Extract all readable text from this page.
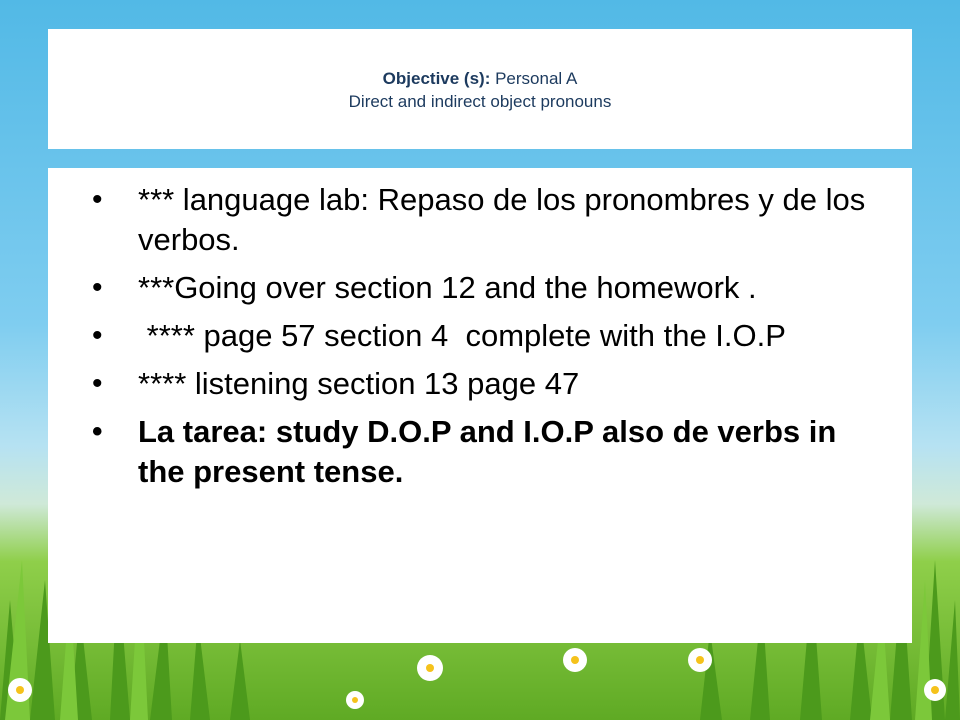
Objective (s): Personal A
Direct and indirect object pronouns
• *** language lab: Repaso de los pronombres y de los verbos.
• ***Going over section 12 and the homework .
• **** page 57 section 4  complete with the I.O.P
• **** listening section 13 page 47
• La tarea: study D.O.P and I.O.P also de verbs in the present tense.
